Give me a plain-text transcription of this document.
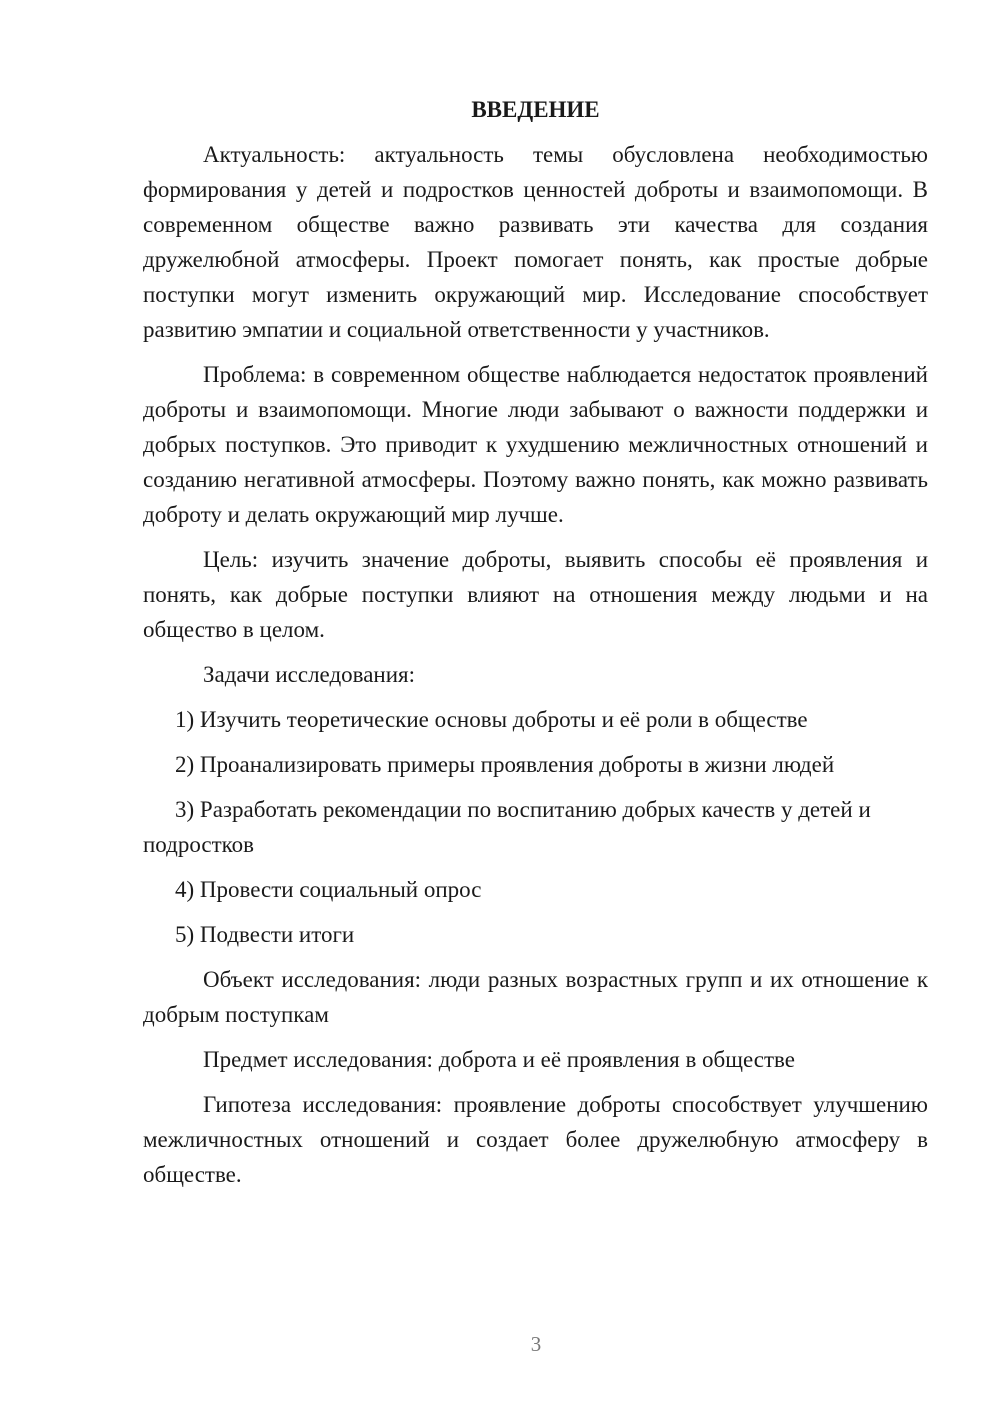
ВВЕДЕНИЕ
Актуальность: актуальность темы обусловлена необходимостью формирования у детей и подростков ценностей доброты и взаимопомощи. В современном обществе важно развивать эти качества для создания дружелюбной атмосферы. Проект помогает понять, как простые добрые поступки могут изменить окружающий мир. Исследование способствует развитию эмпатии и социальной ответственности у участников.
Проблема: в современном обществе наблюдается недостаток проявлений доброты и взаимопомощи. Многие люди забывают о важности поддержки и добрых поступков. Это приводит к ухудшению межличностных отношений и созданию негативной атмосферы. Поэтому важно понять, как можно развивать доброту и делать окружающий мир лучше.
Цель: изучить значение доброты, выявить способы её проявления и понять, как добрые поступки влияют на отношения между людьми и на общество в целом.
Задачи исследования:
1) Изучить теоретические основы доброты и её роли в обществе
2) Проанализировать примеры проявления доброты в жизни людей
3) Разработать рекомендации по воспитанию добрых качеств у детей и подростков
4) Провести социальный опрос
5) Подвести итоги
Объект исследования: люди разных возрастных групп и их отношение к добрым поступкам
Предмет исследования: доброта и её проявления в обществе
Гипотеза исследования: проявление доброты способствует улучшению межличностных отношений и создает более дружелюбную атмосферу в обществе.
3
